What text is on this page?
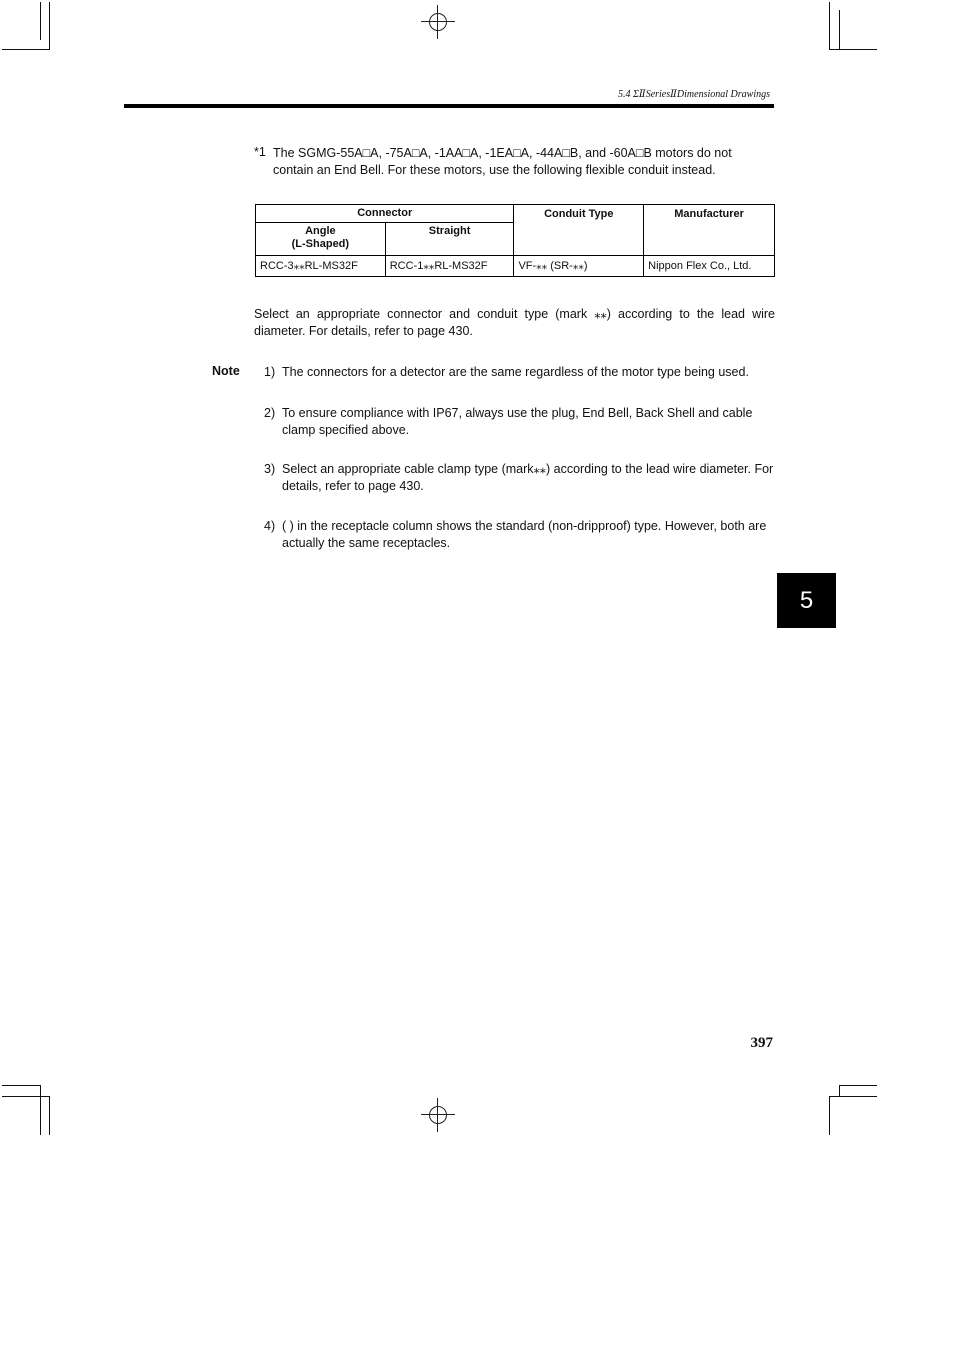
5.4 ΣⅡSeriesⅡDimensional Drawings
*1 The SGMG-55A□A, -75A□A, -1AA□A, -1EA□A, -44A□B, and -60A□B motors do not contain an End Bell. For these motors, use the following flexible conduit instead.
Connector		Conduit Type	Manufacturer
Angle
(L-Shaped)	Straight		
RCC-3⁎⁎RL-MS32F	RCC-1⁎⁎RL-MS32F	VF-⁎⁎ (SR-⁎⁎)	Nippon Flex Co., Ltd.
Select an appropriate connector and conduit type (mark ⁎⁎) according to the lead wire diameter. For details, refer to page 430.
Note 1) The connectors for a detector are the same regardless of the motor type being used.
2) To ensure compliance with IP67, always use the plug, End Bell, Back Shell and cable clamp specified above.
3) Select an appropriate cable clamp type (mark⁎⁎) according to the lead wire diameter. For details, refer to page 430.
4) ( ) in the receptacle column shows the standard (non-dripproof) type. However, both are actually the same receptacles.
5
397
